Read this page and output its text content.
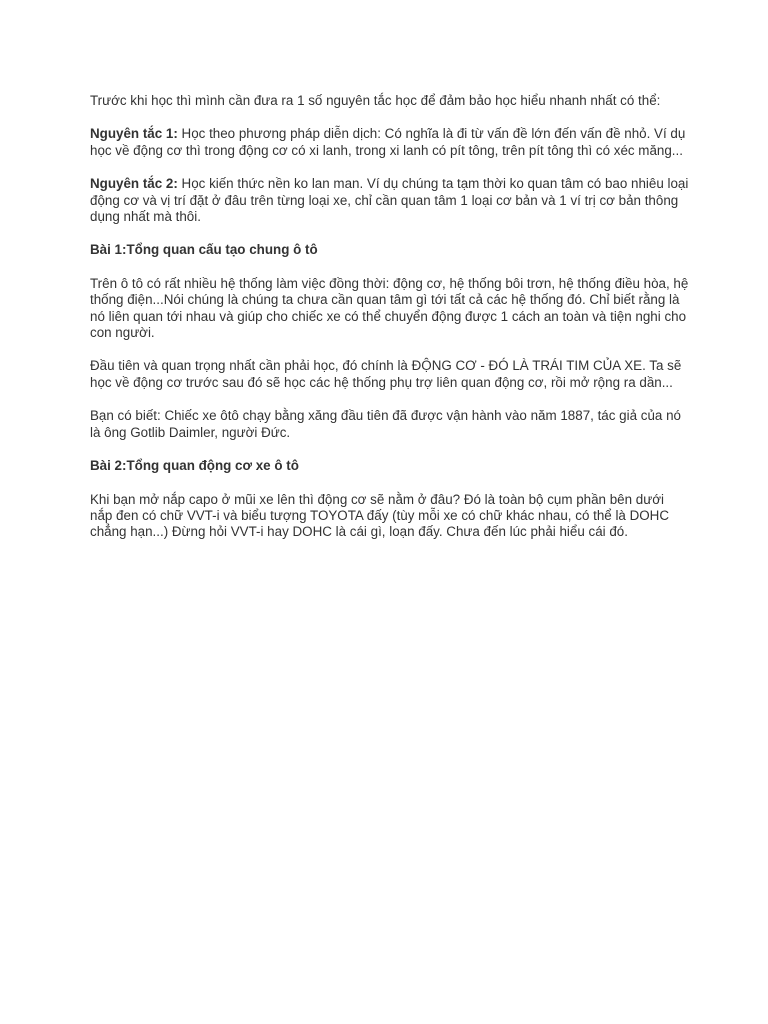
Trước khi học thì mình cần đưa ra 1 số nguyên tắc học để đảm bảo học hiểu nhanh nhất có thể:

Nguyên tắc 1: Học theo phương pháp diễn dịch: Có nghĩa là đi từ vấn đề lớn đến vấn đề nhỏ. Ví dụ học về động cơ thì trong động cơ có xi lanh, trong xi lanh có pít tông, trên pít tông thì có xéc măng...

Nguyên tắc 2: Học kiến thức nền ko lan man. Ví dụ chúng ta tạm thời ko quan tâm có bao nhiêu loại động cơ và vị trí đặt ở đâu trên từng loại xe, chỉ cần quan tâm 1 loại cơ bản và 1 ví trị cơ bản thông dụng nhất mà thôi.

Bài 1:Tổng quan cấu tạo chung ô tô

Trên ô tô có rất nhiều hệ thống làm việc đồng thời: động cơ, hệ thống bôi trơn, hệ thống điều hòa, hệ thống điện...Nói chúng là chúng ta chưa cần quan tâm gì tới tất cả các hệ thống đó. Chỉ biết rằng là nó liên quan tới nhau và giúp cho chiếc xe có thể chuyển động được 1 cách an toàn và tiện nghi cho con người.

Đầu tiên và quan trọng nhất cần phải học, đó chính là ĐỘNG CƠ - ĐÓ LÀ TRÁI TIM CỦA XE. Ta sẽ học về động cơ trước sau đó sẽ học các hệ thống phụ trợ liên quan động cơ, rồi mở rộng ra dần...

Bạn có biết: Chiếc xe ôtô chạy bằng xăng đầu tiên đã được vận hành vào năm 1887, tác giả của nó là ông Gotlib Daimler, người Đức.

Bài 2:Tổng quan động cơ xe ô tô

Khi bạn mở nắp capo ở mũi xe lên thì động cơ sẽ nằm ở đâu? Đó là toàn bộ cụm phần bên dưới nắp đen có chữ VVT-i và biểu tượng TOYOTA đấy (tùy mỗi xe có chữ khác nhau, có thể là DOHC chẳng hạn...) Đừng hỏi VVT-i hay DOHC là cái gì, loạn đấy. Chưa đến lúc phải hiểu cái đó.
